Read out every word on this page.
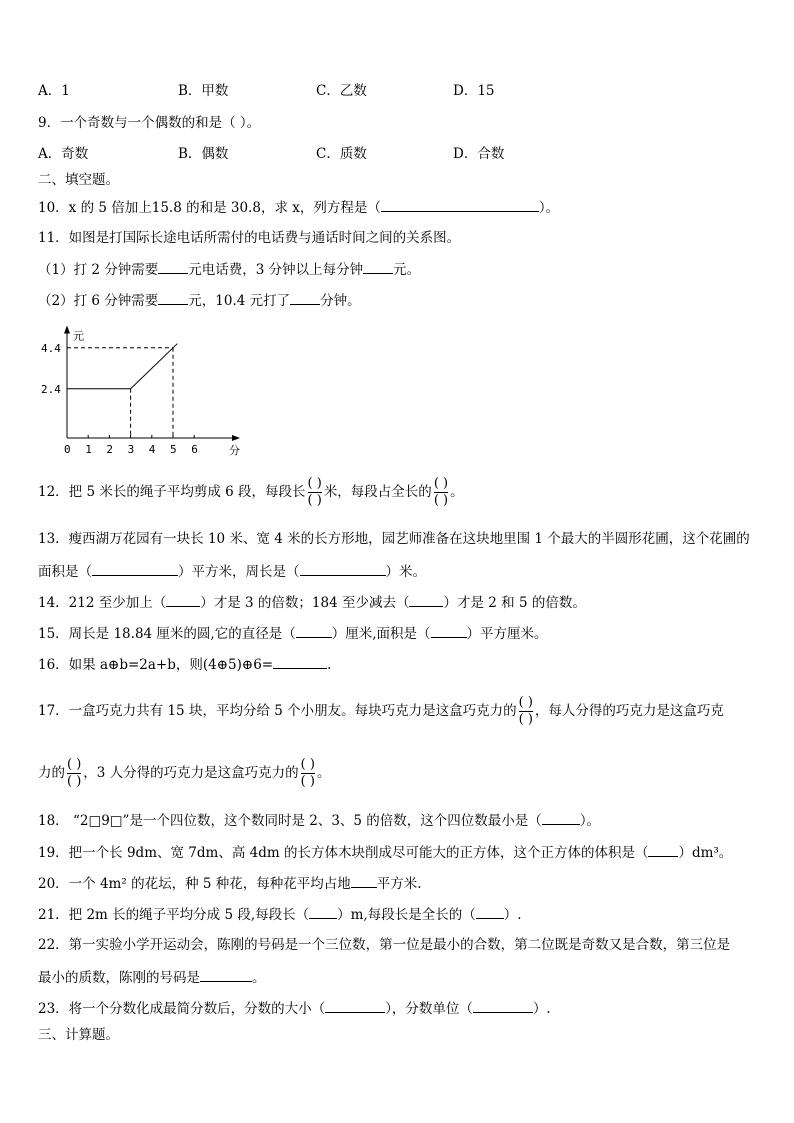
A．1	B．甲数	C．乙数	D．15
9．一个奇数与一个偶数的和是（ ）。
A．奇数	B．偶数	C．质数	D．合数
二、填空题。
10．x 的 5 倍加上15.8 的和是 30.8，求 x，列方程是（	）。
11．如图是打国际长途电话所需付的电话费与通话时间之间的关系图。
（1）打 2 分钟需要 元电话费，3 分钟以上每分钟 元。
（2）打 6 分钟需要 元，10.4 元打了 分钟。
元
分
0 1 2 3 4 5 6
2.4
4.4
12．把 5 米长的绳子平均剪成 6 段，每段长 $\frac{( )}{( )}$ 米，每段占全长的 $\frac{( )}{( )}$ 。
13．瘦西湖万花园有一块长 10 米、宽 4 米的长方形地，园艺师准备在这块地里围 1 个最大的半圆形花圃，这个花圃的
面积是（	）平方米，周长是（	）米。
14．212 至少加上（	）才是 3 的倍数；184 至少减去（	）才是 2 和 5 的倍数。
15．周长是 18.84 厘米的圆,它的直径是（	）厘米,面积是（	）平方厘米。
16．如果 a⊕b=2a+b，则(4⊕5)⊕6=	.
17．一盒巧克力共有 15 块，平均分给 5 个小朋友。每块巧克力是这盒巧克力的 $\frac{( )}{( )}$ ，每人分得的巧克力是这盒巧克
力的 $\frac{( )}{( )}$ ，3 人分得的巧克力是这盒巧克力的 $\frac{( )}{( )}$ 。
18． “2□9□”是一个四位数，这个数同时是 2、3、5 的倍数，这个四位数最小是（	）。
19．把一个长 9dm、宽 7dm、高 4dm 的长方体木块削成尽可能大的正方体，这个正方体的体积是（ ）dm³。
20．一个 4m² 的花坛，种 5 种花，每种花平均占地 平方米.
21．把 2m 长的绳子平均分成 5 段,每段长（ ）m,每段长是全长的（ ）.
22．第一实验小学开运动会，陈刚的号码是一个三位数，第一位是最小的合数，第二位既是奇数又是合数，第三位是
最小的质数，陈刚的号码是	。
23．将一个分数化成最简分数后，分数的大小（	），分数单位（	）.
三、计算题。
